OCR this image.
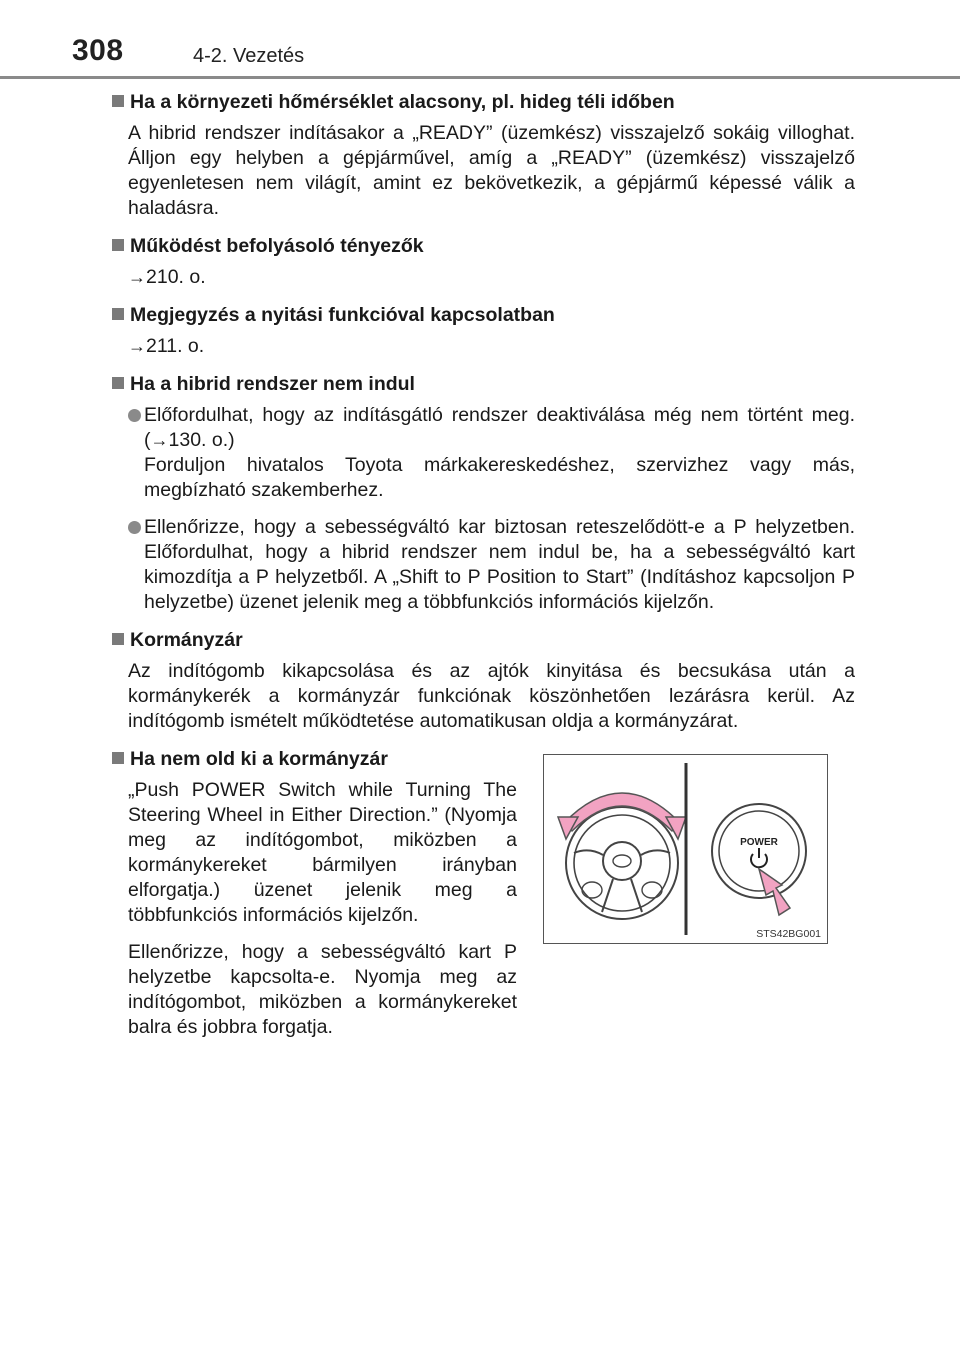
308	4-2. Vezetés
Ha a környezeti hőmérséklet alacsony, pl. hideg téli időben
A hibrid rendszer indításakor a „READY” (üzemkész) visszajelző sokáig villoghat. Álljon egy helyben a gépjárművel, amíg a „READY” (üzemkész) visszajelző egyenletesen nem világít, amint ez bekövetkezik, a gépjármű képessé válik a haladásra.
Működést befolyásoló tényezők
→210. o.
Megjegyzés a nyitási funkcióval kapcsolatban
→211. o.
Ha a hibrid rendszer nem indul
Előfordulhat, hogy az indításgátló rendszer deaktiválása még nem történt meg. (→130. o.)
Forduljon hivatalos Toyota márkakereskedéshez, szervizhez vagy más, megbízható szakemberhez.
Ellenőrizze, hogy a sebességváltó kar biztosan reteszelődött-e a P helyzetben. Előfordulhat, hogy a hibrid rendszer nem indul be, ha a sebességváltó kart kimozdítja a P helyzetből. A „Shift to P Position to Start” (Indításhoz kapcsoljon P helyzetbe) üzenet jelenik meg a többfunkciós információs kijelzőn.
Kormányzár
Az indítógomb kikapcsolása és az ajtók kinyitása és becsukása után a kormánykerék a kormányzár funkciónak köszönhetően lezárásra kerül. Az indítógomb ismételt működtetése automatikusan oldja a kormányzárat.
Ha nem old ki a kormányzár

„Push POWER Switch while Turning The Steering Wheel in Either Direction.” (Nyomja meg az indítógombot, miközben a kormánykereket bármilyen irányban elforgatja.) üzenet jelenik meg a többfunkciós információs kijelzőn.

Ellenőrizze, hogy a sebességváltó kart P helyzetbe kapcsolta-e. Nyomja meg az indítógombot, miközben a kormánykereket balra és jobbra forgatja.

POWER
STS42BG001
